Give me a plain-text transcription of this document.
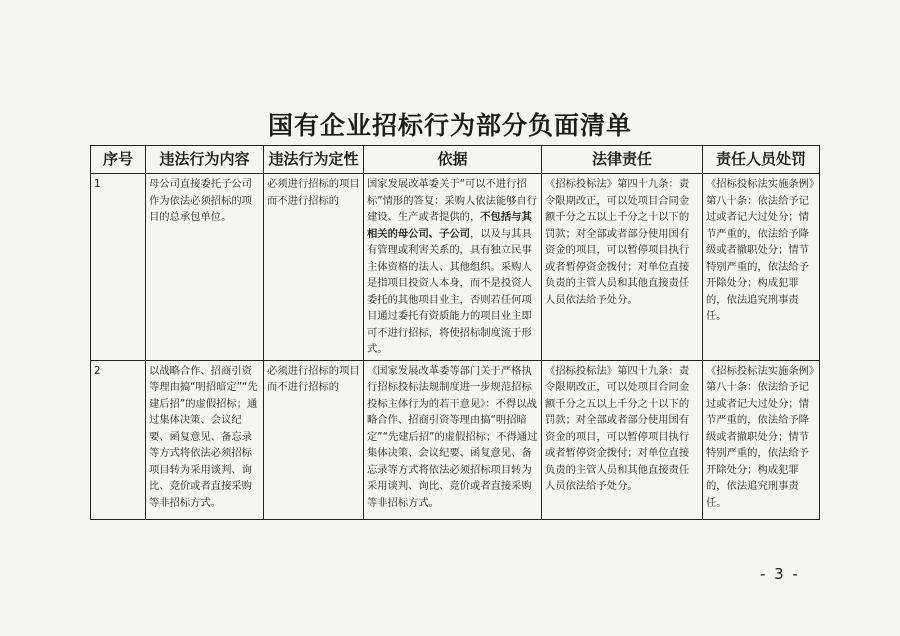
国有企业招标行为部分负面清单
序号	违法行为内容	违法行为定性	依据	法律责任	责任人员处罚
1	母公司直接委托子公司作为依法必须招标的项目的总承包单位。	必须进行招标的项目而不进行招标的	国家发展改革委关于“可以不进行招标”情形的答复：采购人依法能够自行建设、生产或者提供的，不包括与其相关的母公司、子公司，以及与其具有管理或利害关系的，具有独立民事主体资格的法人、其他组织。采购人是指项目投资人本身，而不是投资人委托的其他项目业主，否则若任何项目通过委托有资质能力的项目业主即可不进行招标，将使招标制度流于形式。	《招标投标法》第四十九条：责令限期改正，可以处项目合同金额千分之五以上千分之十以下的罚款；对全部或者部分使用国有资金的项目，可以暂停项目执行或者暂停资金拨付；对单位直接负责的主管人员和其他直接责任人员依法给予处分。	《招标投标法实施条例》第八十条：依法给予记过或者记大过处分；情节严重的，依法给予降级或者撤职处分；情节特别严重的，依法给予开除处分；构成犯罪的，依法追究刑事责任。
2	以战略合作、招商引资等理由搞“明招暗定”“先建后招”的虚假招标；通过集体决策、会议纪要、函复意见、备忘录等方式将依法必须招标项目转为采用谈判、询比、竞价或者直接采购等非招标方式。	必须进行招标的项目而不进行招标的	《国家发展改革委等部门关于严格执行招标投标法规制度进一步规范招标投标主体行为的若干意见》：不得以战略合作、招商引资等理由搞“明招暗定”“先建后招”的虚假招标；不得通过集体决策、会议纪要、函复意见、备忘录等方式将依法必须招标项目转为采用谈判、询比、竞价或者直接采购等非招标方式。	《招标投标法》第四十九条：责令限期改正，可以处项目合同金额千分之五以上千分之十以下的罚款；对全部或者部分使用国有资金的项目，可以暂停项目执行或者暂停资金拨付；对单位直接负责的主管人员和其他直接责任人员依法给予处分。	《招标投标法实施条例》第八十条：依法给予记过或者记大过处分；情节严重的，依法给予降级或者撤职处分；情节特别严重的，依法给予开除处分；构成犯罪的，依法追究刑事责任。
- 3 -
